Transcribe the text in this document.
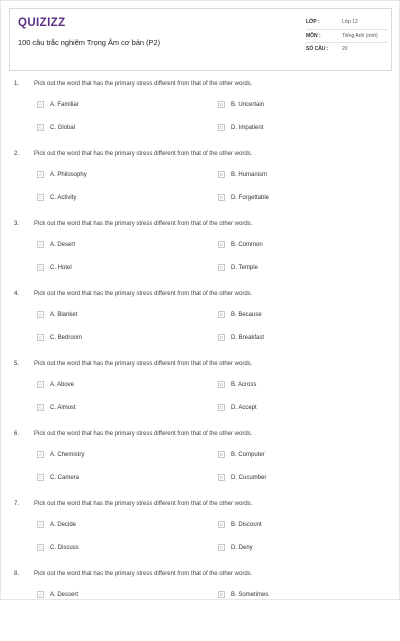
QUIZIZZ
100 câu trắc nghiệm Trọng Âm cơ bản (P2)
LỚP :	Lớp 12
MÔN :	Tiếng Anh (mới)
SỐ CÂU :	20
1. Pick out the word that has the primary stress different from that of the other words.
A	A. Familiar	B	B. Uncertain
C	C. Global	D	D. Impatient
2. Pick out the word that has the primary stress different from that of the other words.
A	A. Philosophy	B	B. Humanism
C	C. Activity	D	D. Forgettable
3. Pick out the word that has the primary stress different from that of the other words.
A	A. Desert	B	B. Common
C	C. Hotel	D	D. Temple
4. Pick out the word that has the primary stress different from that of the other words.
A	A. Blanket	B	B. Because
C	C. Bedroom	D	D. Breakfast
5. Pick out the word that has the primary stress different from that of the other words.
A	A. Above	B	B. Across
C	C. Almost	D	D. Accept
6. Pick out the word that has the primary stress different from that of the other words.
A	A. Chemistry	B	B. Computer
C	C. Camera	D	D. Cucumber
7. Pick out the word that has the primary stress different from that of the other words.
A	A. Decide	B	B. Discount
C	C. Discuss	D	D. Deny
8. Pick out the word that has the primary stress different from that of the other words.
A	A. Dessert	B	B. Sometimes
